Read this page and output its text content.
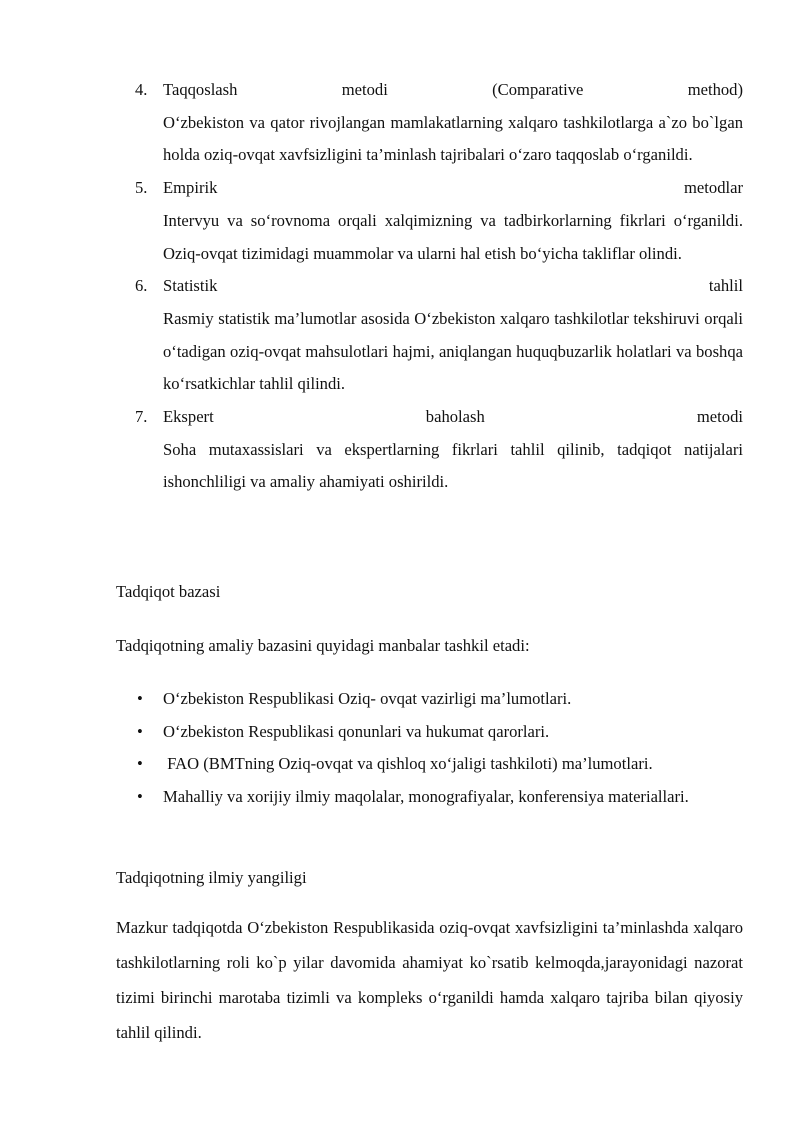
4. Taqqoslash	metodi	(Comparative	method)

O‘zbekiston va qator rivojlangan mamlakatlarning xalqaro tashkilotlarga a`zo bo`lgan holda oziq-ovqat xavfsizligini ta’minlash tajribalari o‘zaro taqqoslab o‘rganildi.

5. Empirik	metodlar

Intervyu va so‘rovnoma orqali xalqimizning va tadbirkorlarning fikrlari o‘rganildi. Oziq-ovqat tizimidagi muammolar va ularni hal etish bo‘yicha takliflar olindi.

6. Statistik	tahlil

Rasmiy statistik ma’lumotlar asosida O‘zbekiston xalqaro tashkilotlar tekshiruvi orqali o‘tadigan oziq-ovqat mahsulotlari hajmi, aniqlangan huquqbuzarlik holatlari va boshqa ko‘rsatkichlar tahlil qilindi.

7. Ekspert	baholash	metodi

Soha mutaxassislari va ekspertlarning fikrlari tahlil qilinib, tadqiqot natijalari ishonchliligi va amaliy ahamiyati oshirildi.

Tadqiqot bazasi

Tadqiqotning amaliy bazasini quyidagi manbalar tashkil etadi:

• O‘zbekiston Respublikasi Oziq- ovqat vazirligi ma’lumotlari.
• O‘zbekiston Respublikasi qonunlari va hukumat qarorlari.
• FAO (BMTning Oziq-ovqat va qishloq xo‘jaligi tashkiloti) ma’lumotlari.
• Mahalliy va xorijiy ilmiy maqolalar, monografiyalar, konferensiya materiallari.

Tadqiqotning ilmiy yangiligi

Mazkur tadqiqotda O‘zbekiston Respublikasida oziq-ovqat xavfsizligini ta’minlashda xalqaro tashkilotlarning roli ko`p yilar davomida ahamiyat ko`rsatib kelmoqda,jarayonidagi nazorat tizimi birinchi marotaba tizimli va kompleks o‘rganildi hamda xalqaro tajriba bilan qiyosiy tahlil qilindi.
